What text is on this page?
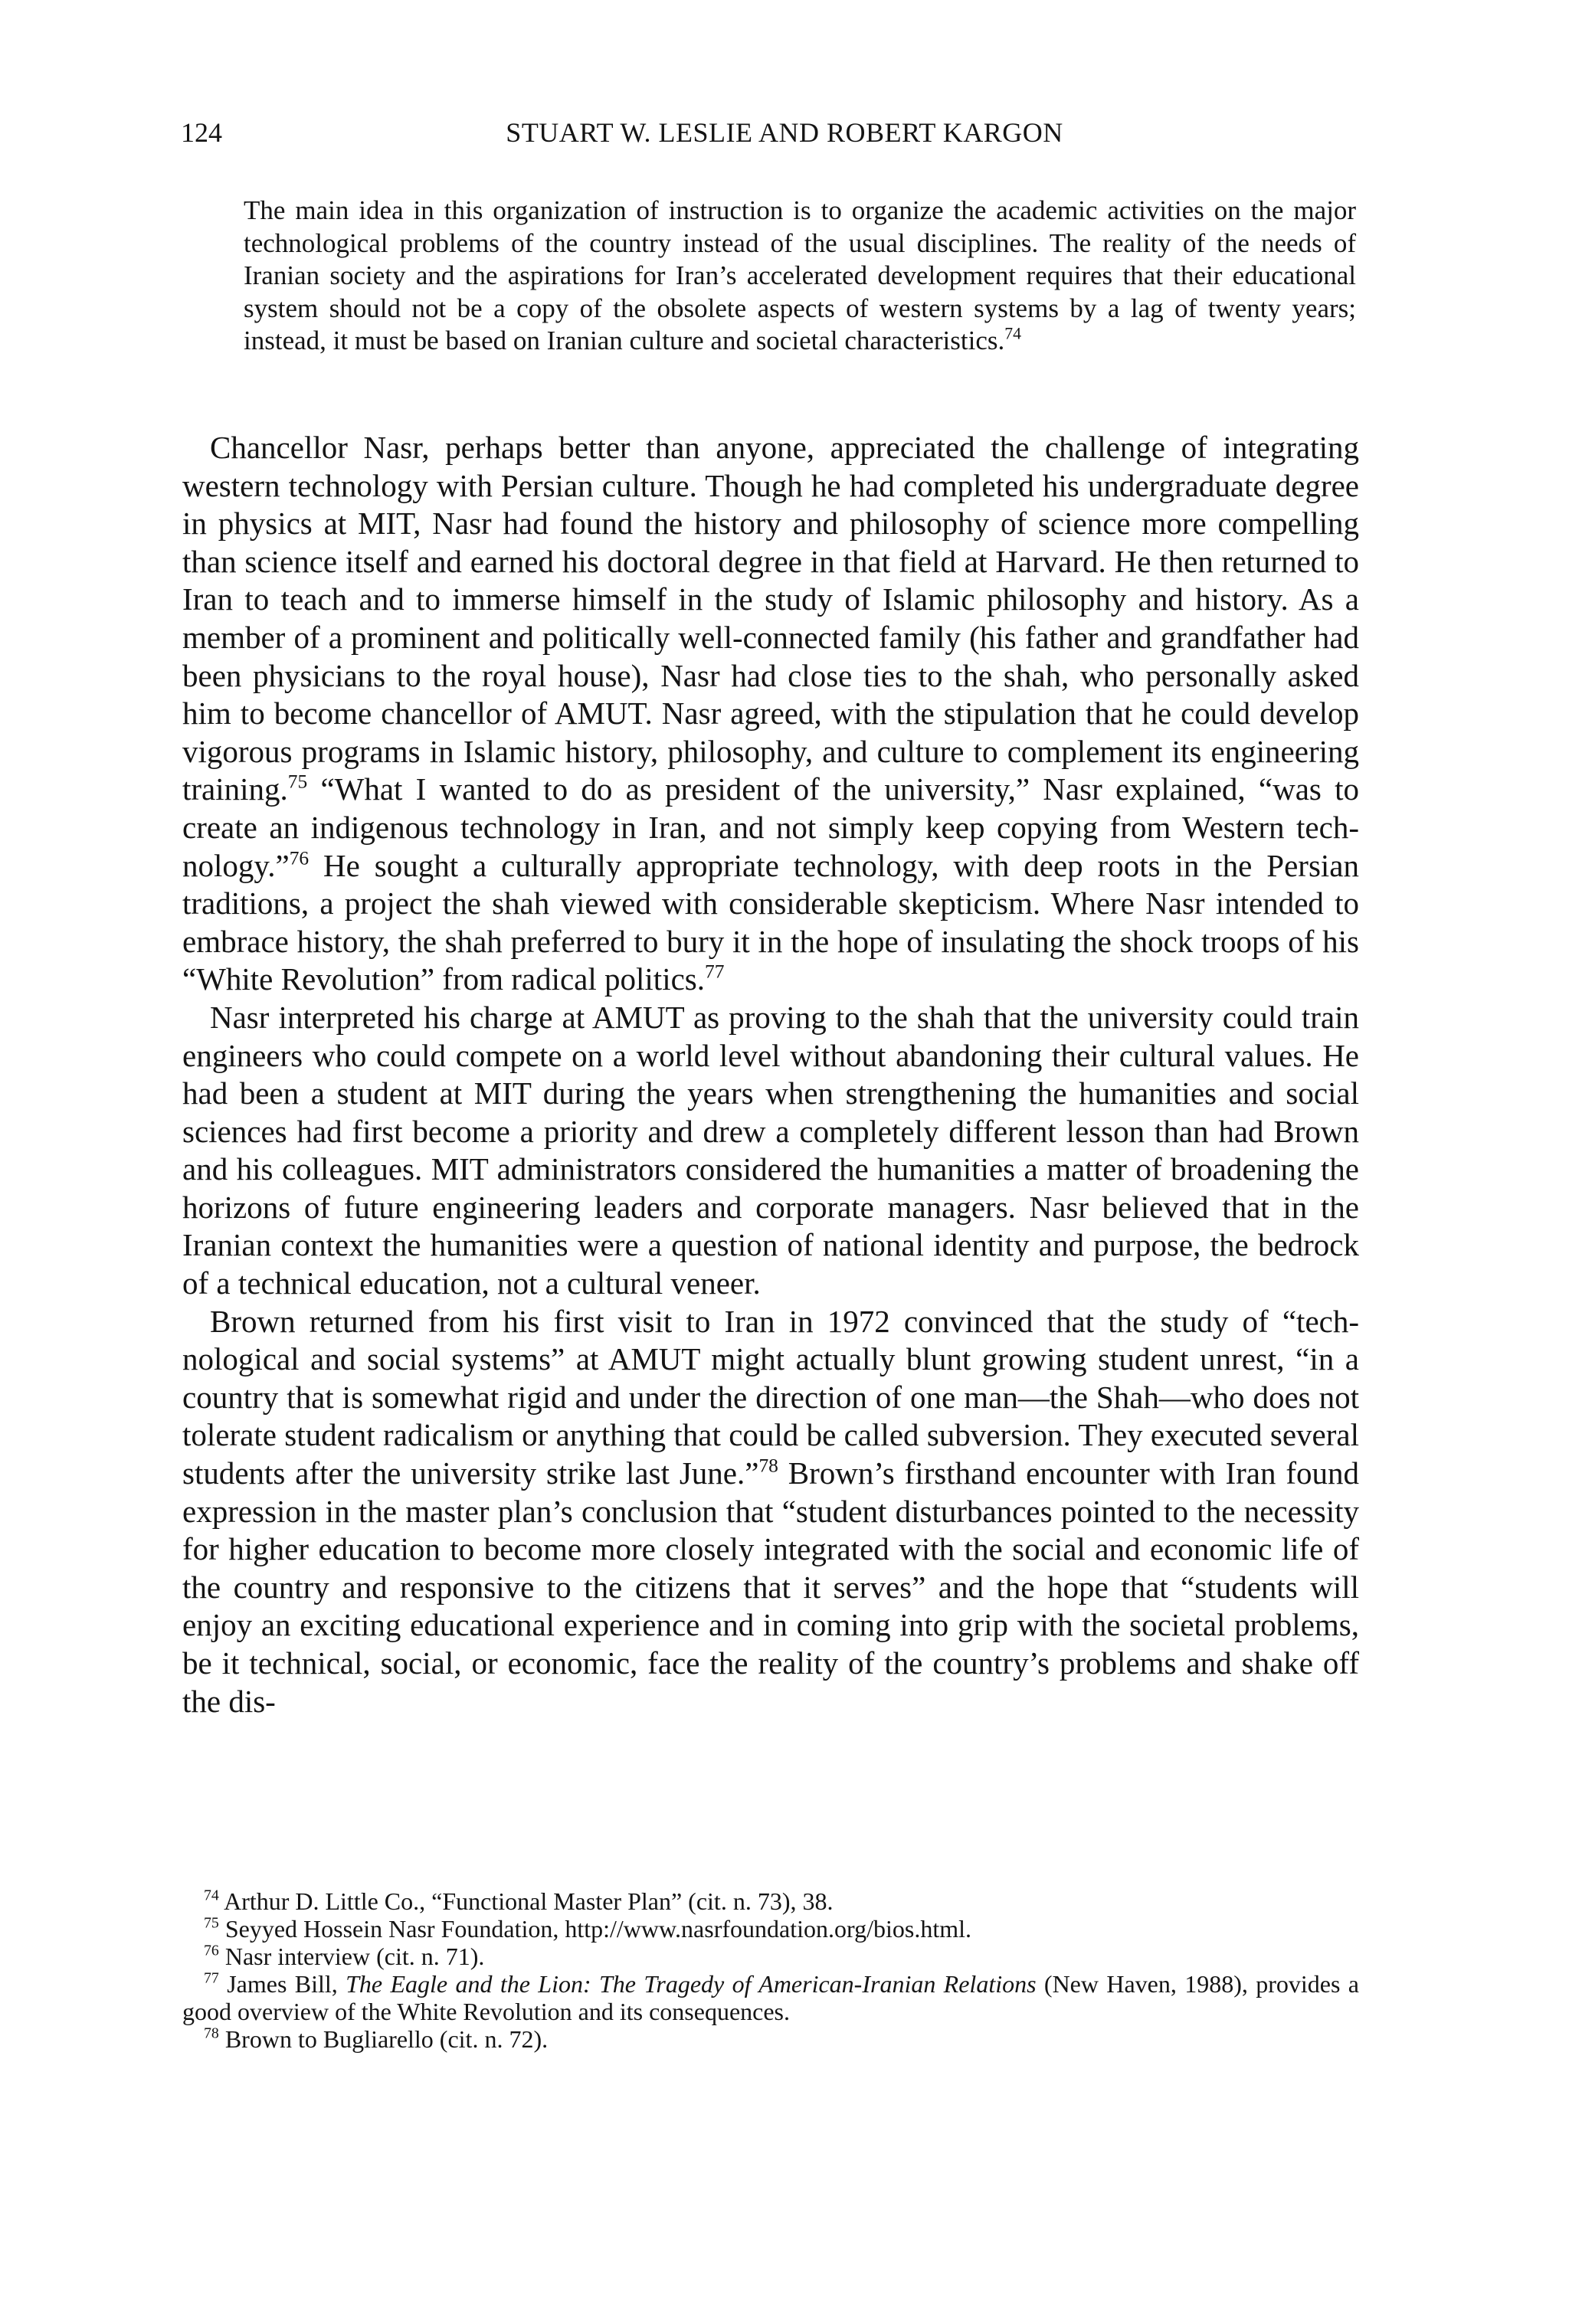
124	STUART W. LESLIE AND ROBERT KARGON
The main idea in this organization of instruction is to organize the academic activities on the major technological problems of the country instead of the usual disciplines. The reality of the needs of Iranian society and the aspirations for Iran’s accelerated development requires that their educational system should not be a copy of the obsolete aspects of western systems by a lag of twenty years; instead, it must be based on Iranian culture and societal characteristics.$^{74}$

Chancellor Nasr, perhaps better than anyone, appreciated the challenge of integrating western technology with Persian culture. Though he had completed his undergraduate degree in physics at MIT, Nasr had found the history and philosophy of science more compelling than science itself and earned his doctoral degree in that field at Harvard. He then returned to Iran to teach and to immerse himself in the study of Islamic philosophy and history. As a member of a prominent and politically well-connected family (his father and grandfather had been physicians to the royal house), Nasr had close ties to the shah, who personally asked him to become chancellor of AMUT. Nasr agreed, with the stipulation that he could develop vigorous programs in Islamic history, philosophy, and culture to complement its engineering training.$^{75}$ “What I wanted to do as president of the university,” Nasr explained, “was to create an indigenous technology in Iran, and not simply keep copying from Western technology.”$^{76}$ He sought a culturally appropriate technology, with deep roots in the Persian traditions, a project the shah viewed with considerable skepticism. Where Nasr intended to embrace history, the shah preferred to bury it in the hope of insulating the shock troops of his “White Revolution” from radical politics.$^{77}$

Nasr interpreted his charge at AMUT as proving to the shah that the university could train engineers who could compete on a world level without abandoning their cultural values. He had been a student at MIT during the years when strengthening the humanities and social sciences had first become a priority and drew a completely different lesson than had Brown and his colleagues. MIT administrators considered the humanities a matter of broadening the horizons of future engineering leaders and corporate managers. Nasr believed that in the Iranian context the humanities were a question of national identity and purpose, the bedrock of a technical education, not a cultural veneer.

Brown returned from his first visit to Iran in 1972 convinced that the study of “technological and social systems” at AMUT might actually blunt growing student unrest, “in a country that is somewhat rigid and under the direction of one man—the Shah—who does not tolerate student radicalism or anything that could be called subversion. They executed several students after the university strike last June.”$^{78}$ Brown’s firsthand encounter with Iran found expression in the master plan’s conclusion that “student disturbances pointed to the necessity for higher education to become more closely integrated with the social and economic life of the country and responsive to the citizens that it serves” and the hope that “students will enjoy an exciting educational experience and in coming into grip with the societal problems, be it technical, social, or economic, face the reality of the country’s problems and shake off the dis-

$^{74}$ Arthur D. Little Co., “Functional Master Plan” (cit. n. 73), 38.

$^{75}$ Seyyed Hossein Nasr Foundation, http://www.nasrfoundation.org/bios.html.

$^{76}$ Nasr interview (cit. n. 71).

$^{77}$ James Bill, The Eagle and the Lion: The Tragedy of American-Iranian Relations (New Haven, 1988), provides a good overview of the White Revolution and its consequences.

$^{78}$ Brown to Bugliarello (cit. n. 72).
